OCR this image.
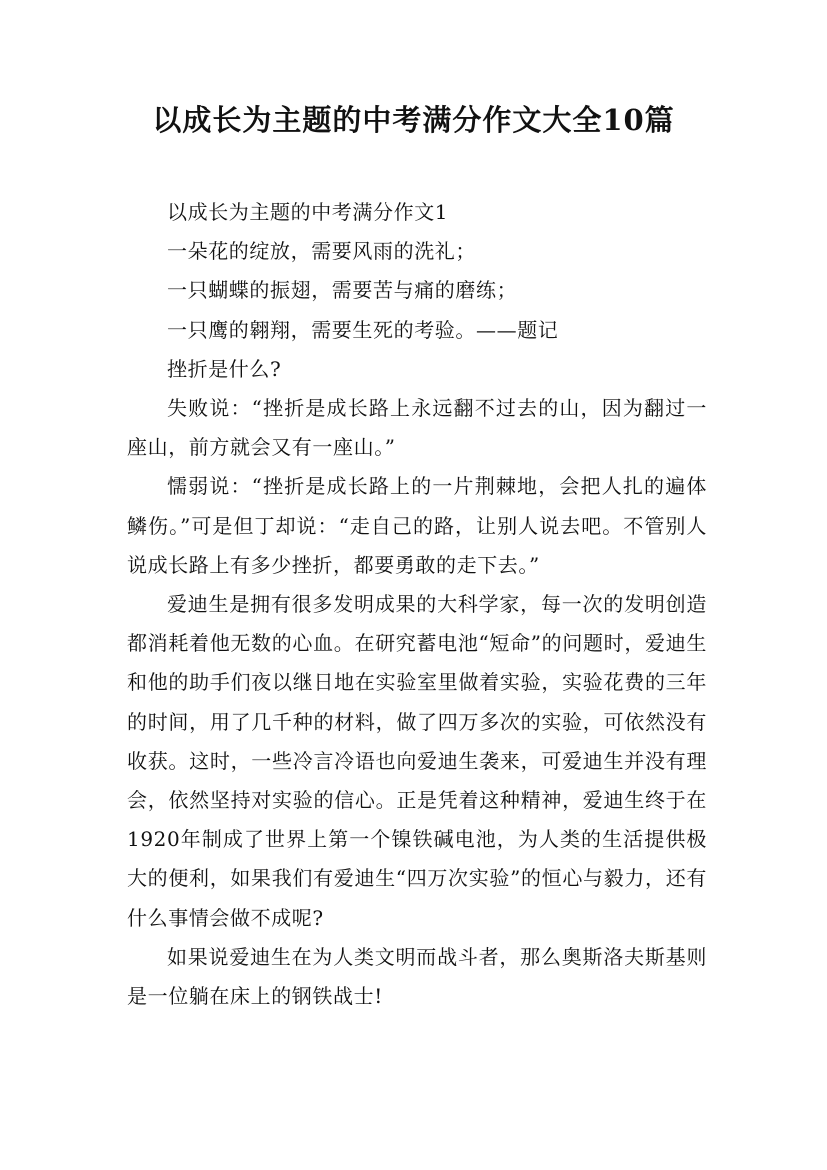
以成长为主题的中考满分作文大全10篇

以成长为主题的中考满分作文1

一朵花的绽放，需要风雨的洗礼；

一只蝴蝶的振翅，需要苦与痛的磨练；

一只鹰的翱翔，需要生死的考验。——题记

挫折是什么?

失败说：“挫折是成长路上永远翻不过去的山，因为翻过一座山，前方就会又有一座山。”

懦弱说：“挫折是成长路上的一片荆棘地，会把人扎的遍体鳞伤。”可是但丁却说：“走自己的路，让别人说去吧。不管别人说成长路上有多少挫折，都要勇敢的走下去。”

爱迪生是拥有很多发明成果的大科学家，每一次的发明创造都消耗着他无数的心血。在研究蓄电池“短命”的问题时，爱迪生和他的助手们夜以继日地在实验室里做着实验，实验花费的三年的时间，用了几千种的材料，做了四万多次的实验，可依然没有收获。这时，一些冷言冷语也向爱迪生袭来，可爱迪生并没有理会，依然坚持对实验的信心。正是凭着这种精神，爱迪生终于在1920年制成了世界上第一个镍铁碱电池，为人类的生活提供极大的便利，如果我们有爱迪生“四万次实验”的恒心与毅力，还有什么事情会做不成呢?

如果说爱迪生在为人类文明而战斗者，那么奥斯洛夫斯基则是一位躺在床上的钢铁战士!
